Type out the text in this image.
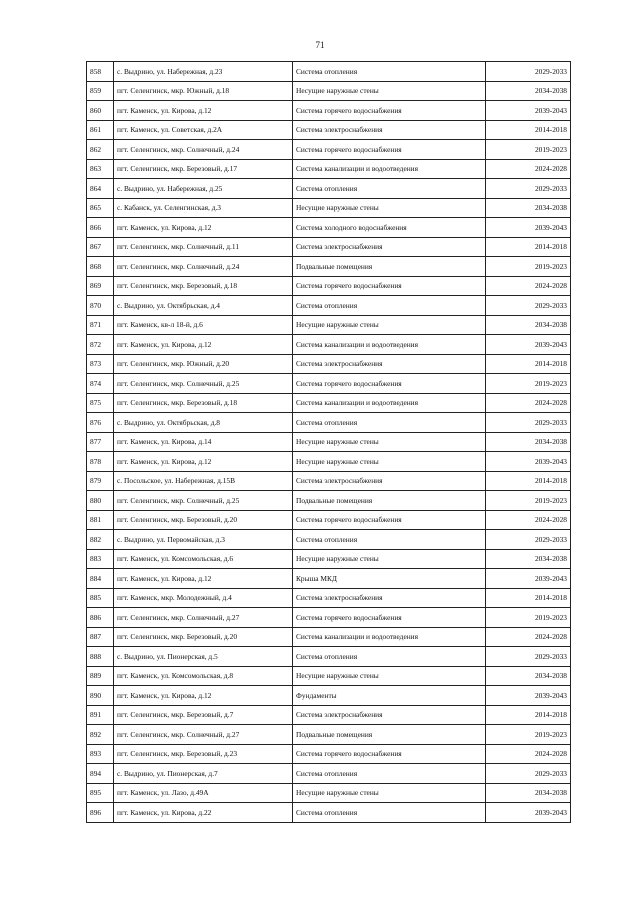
71
858	с. Выдрино, ул. Набережная, д.23	Система отопления	2029-2033
859	пгт. Селенгинск, мкр. Южный, д.18	Несущие наружные стены	2034-2038
860	пгт. Каменск, ул. Кирова, д.12	Система горячего водоснабжения	2039-2043
861	пгт. Каменск, ул. Советская, д.2А	Система электроснабжения	2014-2018
862	пгт. Селенгинск, мкр. Солнечный, д.24	Система горячего водоснабжения	2019-2023
863	пгт. Селенгинск, мкр. Березовый, д.17	Система канализации и водоотведения	2024-2028
864	с. Выдрино, ул. Набережная, д.25	Система отопления	2029-2033
865	с. Кабанск, ул. Селенгинская, д.3	Несущие наружные стены	2034-2038
866	пгт. Каменск, ул. Кирова, д.12	Система холодного водоснабжения	2039-2043
867	пгт. Селенгинск, мкр. Солнечный, д.11	Система электроснабжения	2014-2018
868	пгт. Селенгинск, мкр. Солнечный, д.24	Подвальные помещения	2019-2023
869	пгт. Селенгинск, мкр. Березовый, д.18	Система горячего водоснабжения	2024-2028
870	с. Выдрино, ул. Октябрьская, д.4	Система отопления	2029-2033
871	пгт. Каменск, кв-л 18-й, д.6	Несущие наружные стены	2034-2038
872	пгт. Каменск, ул. Кирова, д.12	Система канализации и водоотведения	2039-2043
873	пгт. Селенгинск, мкр. Южный, д.20	Система электроснабжения	2014-2018
874	пгт. Селенгинск, мкр. Солнечный, д.25	Система горячего водоснабжения	2019-2023
875	пгт. Селенгинск, мкр. Березовый, д.18	Система канализации и водоотведения	2024-2028
876	с. Выдрино, ул. Октябрьская, д.8	Система отопления	2029-2033
877	пгт. Каменск, ул. Кирова, д.14	Несущие наружные стены	2034-2038
878	пгт. Каменск, ул. Кирова, д.12	Несущие наружные стены	2039-2043
879	с. Посольское, ул. Набережная, д.15В	Система электроснабжения	2014-2018
880	пгт. Селенгинск, мкр. Солнечный, д.25	Подвальные помещения	2019-2023
881	пгт. Селенгинск, мкр. Березовый, д.20	Система горячего водоснабжения	2024-2028
882	с. Выдрино, ул. Первомайская, д.3	Система отопления	2029-2033
883	пгт. Каменск, ул. Комсомольская, д.6	Несущие наружные стены	2034-2038
884	пгт. Каменск, ул. Кирова, д.12	Крыша МКД	2039-2043
885	пгт. Каменск, мкр. Молодежный, д.4	Система электроснабжения	2014-2018
886	пгт. Селенгинск, мкр. Солнечный, д.27	Система горячего водоснабжения	2019-2023
887	пгт. Селенгинск, мкр. Березовый, д.20	Система канализации и водоотведения	2024-2028
888	с. Выдрино, ул. Пионерская, д.5	Система отопления	2029-2033
889	пгт. Каменск, ул. Комсомольская, д.8	Несущие наружные стены	2034-2038
890	пгт. Каменск, ул. Кирова, д.12	Фундаменты	2039-2043
891	пгт. Селенгинск, мкр. Березовый, д.7	Система электроснабжения	2014-2018
892	пгт. Селенгинск, мкр. Солнечный, д.27	Подвальные помещения	2019-2023
893	пгт. Селенгинск, мкр. Березовый, д.23	Система горячего водоснабжения	2024-2028
894	с. Выдрино, ул. Пионерская, д.7	Система отопления	2029-2033
895	пгт. Каменск, ул. Лазо, д.49А	Несущие наружные стены	2034-2038
896	пгт. Каменск, ул. Кирова, д.22	Система отопления	2039-2043
